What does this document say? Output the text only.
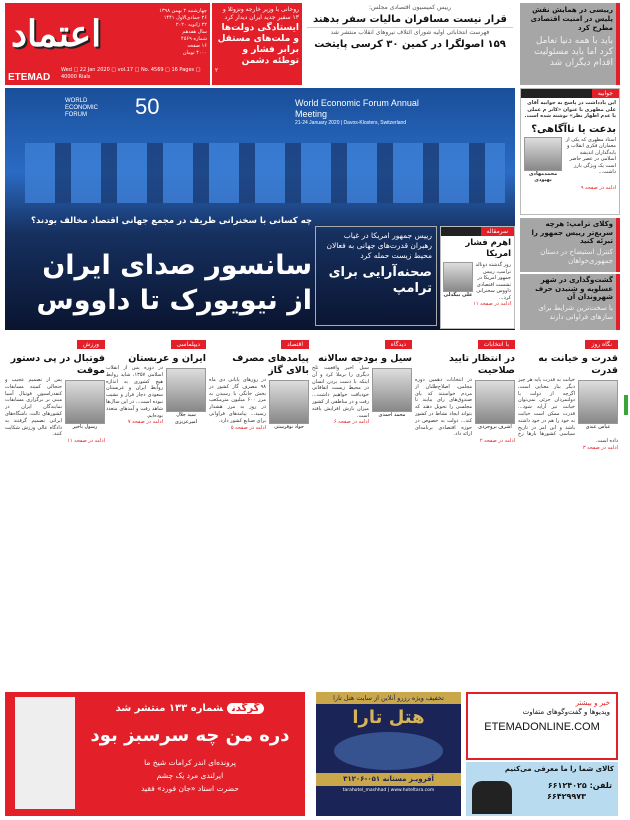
اعتماد
چهارشنبه ۲ بهمن ۱۳۹۸
۲۶ جمادی‌الاول ۱۴۴۱
۲۲ ژانویه ۲۰۲۰
سال هفدهم
شماره ۴۵۶۹
۱۶ صفحه
۴۰۰۰ تومان
ETEMAD
Wed □ 22 Jan 2020 □ vol.17 □ No. 4569 □ 16 Pages □ 40000 Rials
روحانی با وزیر خارجه ونزوئلا و ۱۳ سفیر جدید ایران دیدار کرد
ایستادگی دولت‌ها و ملت‌های مستقل برابر فشار و توطئه دشمن
۲
رییس کمیسیون اقتصادی مجلس:
قرار نیست مسافران مالیات سفر بدهند
فهرست انتخاباتی اولیه شورای ائتلاف نیروهای انقلاب منتشر شد
۱۵۹ اصولگرا در کمین ۳۰ کرسی پایتخت
رییسی در همایش نقش پلیس در امنیت اقتصادی مطرح کرد
باید با همه دنیا تعامل کرد اما باید مسئولیت اقدام دیگران شد
WORLD ECONOMIC FORUM	50	World Economic Forum Annual Meeting
21-24 January 2020 | Davos-Klosters, Switzerland
چه کسانی با سخنرانی ظریف در مجمع جهانی اقتصاد مخالف بودند؟
سانسور صدای ایران از نیویورک تا داووس
رییس جمهور امریکا در غیاب رهبران قدرت‌های جهانی به فعالان محیط زیست حمله کرد
صحنه‌آرایی برای ترامپ
سرمقاله
اهرم فشار امریکا
علی بیگدلی
روز گذشته دونالد ترامپ، رییس جمهور امریکا در نشست اقتصادی داووس سخنرانی کرد...
ادامه در صفحه ۱۱
جوابیه
این یادداشت در پاسخ به جوابیه آقای علی مطهری با عنوان «کانر م عملی یا عدم اظهار نظر» نوشته شده است.
بدعت یا ناآگاهی؟
محمدمهادی بهبودی
استاد مطهری که یکی از معماران فکری انقلاب و پایه‌گذاران اندیشه اسلامی در عصر حاضر است یک ویژگی بارز داشت...
ادامه در صفحه ۹
وکلای ترامپ: هرچه سریع‌تر رییس جمهور را تبرئه کنید
کنترل استیضاح در دستان جمهوری‌خواهان
گشت‌وگذاری در شهر عسلویه و شنیدن حرف شهروندان آن
با سخت‌ترین شرایط برای سازهای فراوانی دارند
نگاه روز
قدرت و خیانت به قدرت
عباس عبدی
خیانت به قدرت پایه هر چیز دیگر بیار معنایی است، اگرچه از دولت یا دولتمردان جزئی نمی‌توان خیانت نیز آرایه شود... قدرت ممکن است خیانت به خود را هم در خود داشته باشد و این امر در تاریخ سیاسی کشورها بارها رخ داده است.
ادامه در صفحه ۳
با انتخابات
در انتظار تایید صلاحیت
اشرف بروجردی
در انتخابات دهمین دوره مجلس، اصلاح‌طلبان از مردم خواستند که پای صندوق‌های رای بیایند تا مجلسی را تحویل دهند که بتواند ایجاد نشاط در کشور کند... دولت به خصوص در حوزه اقتصادی برنامه‌ای ارائه داد.
ادامه در صفحه ۲
دیدگاه
سیل و بودجه سالانه
محمد احمدی
سیل اخیر واقعیت تلخ دیگری را برملا کرد و آن اینکه با دست بردن انسان در محیط زیست اتفاقاتی خودیافت خواهیم داشت... رفت و در مناطقی از کشور میزان بارش افزایش یافته است.
ادامه در صفحه ۶
اقتصاد
پیامدهای مصرف بالای گاز
جواد نوفرستی
در روزهای پایانی دی ماه ۹۸ مصرف گاز کشور در بخش خانگی با رسیدن به مرز ۶۰۰ میلیون مترمکعب در روز به مرز هشدار رسید... پیامدهای فراوانی برای صنایع کشور دارد.
ادامه در صفحه ۵
دیپلماسی
ایران و عربستان
سید جلال امیرعزیزی
در دوره پس از انقلاب اسلامی ۱۳۵۷، شاید روابط هیچ کشوری به اندازه روابط ایران و عربستان سعودی دچار فراز و نشیب نبوده است... در این سال‌ها شاهد رفت و آمدهای متعدد بوده‌ایم.
ادامه در صفحه ۷
ورزش
فوتبال در پی دستور موقت
رسول باخیر
پس از تصمیم عجیب و جنجالی کمیته مسابقات کنفدراسیون فوتبال آسیا مبنی بر برگزاری مسابقات نمایندگان ایران در کشورهای ثالث، باشگاه‌های ایرانی تصمیم گرفتند به دادگاه عالی ورزش شکایت کنند.
ادامه در صفحه ۱۱
گرگدنشماره ۱۳۳ منتشر شد
دره من چه سرسبز بود
پرونده‌ای اندر کرامات شیخ ما
ایرلندی مرد یک چشم
حضرت استاد «جان فورد» فقید
تخفیف ویژه رزرو آنلاین از سایت هتل تارا
هتل تارا
آفرویـز مستانه ۰۵۱-۳۱۲۰۶
tarahotel_mashhad | www.hoteltara.com
خبر و بیشتر
ویدیوها و گفت‌وگوهای متفاوت
ETEMADONLINE.COM
کالای شما را ما معرفی می‌کنیم
تلفن: ۶۶۱۲۴۰۲۵
۶۶۴۲۹۹۷۳
